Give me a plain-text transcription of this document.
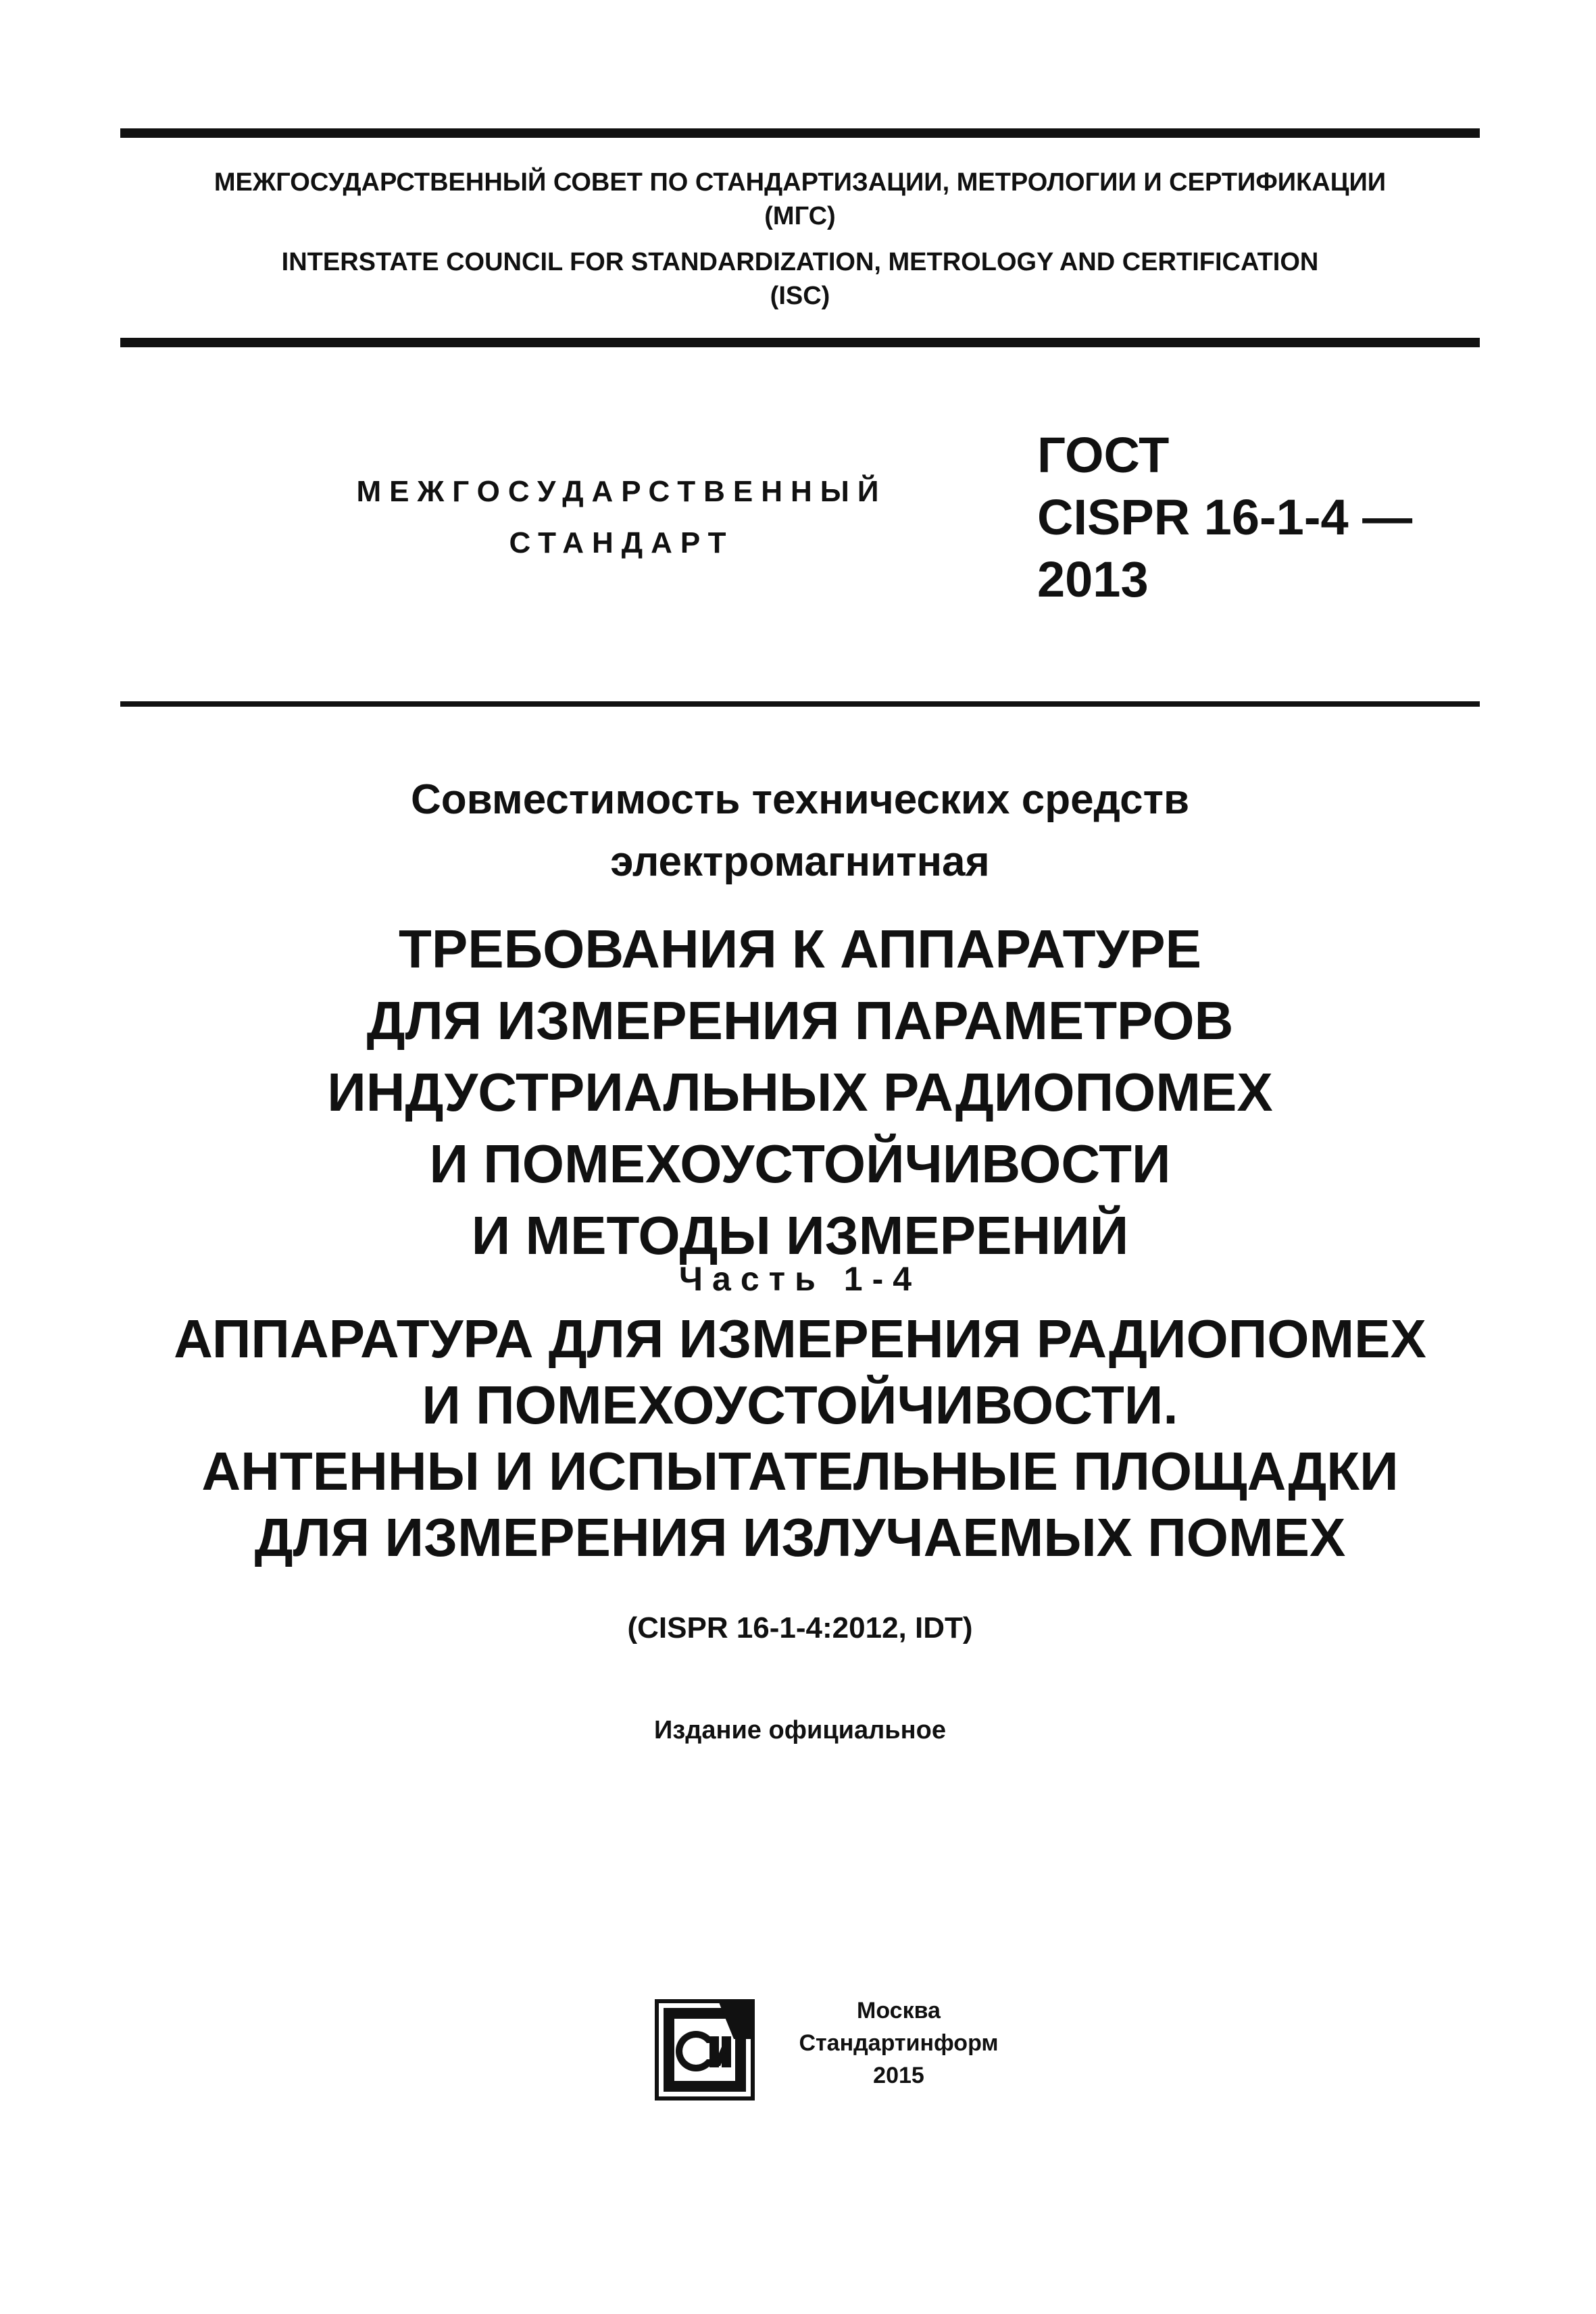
МЕЖГОСУДАРСТВЕННЫЙ СОВЕТ ПО СТАНДАРТИЗАЦИИ, МЕТРОЛОГИИ И СЕРТИФИКАЦИИ
(МГС)
INTERSTATE COUNCIL FOR STANDARDIZATION, METROLOGY AND CERTIFICATION
(ISC)
МЕЖГОСУДАРСТВЕННЫЙ
СТАНДАРТ
ГОСТ
CISPR 16-1-4 —
2013
Совместимость технических средств
электромагнитная
ТРЕБОВАНИЯ К АППАРАТУРЕ
ДЛЯ ИЗМЕРЕНИЯ ПАРАМЕТРОВ
ИНДУСТРИАЛЬНЫХ РАДИОПОМЕХ
И ПОМЕХОУСТОЙЧИВОСТИ
И МЕТОДЫ ИЗМЕРЕНИЙ
Часть 1-4
АППАРАТУРА ДЛЯ ИЗМЕРЕНИЯ РАДИОПОМЕХ
И ПОМЕХОУСТОЙЧИВОСТИ.
АНТЕННЫ И ИСПЫТАТЕЛЬНЫЕ ПЛОЩАДКИ
ДЛЯ ИЗМЕРЕНИЯ ИЗЛУЧАЕМЫХ ПОМЕХ
(CISPR 16-1-4:2012, IDT)
Издание официальное
Москва
Стандартинформ
2015
